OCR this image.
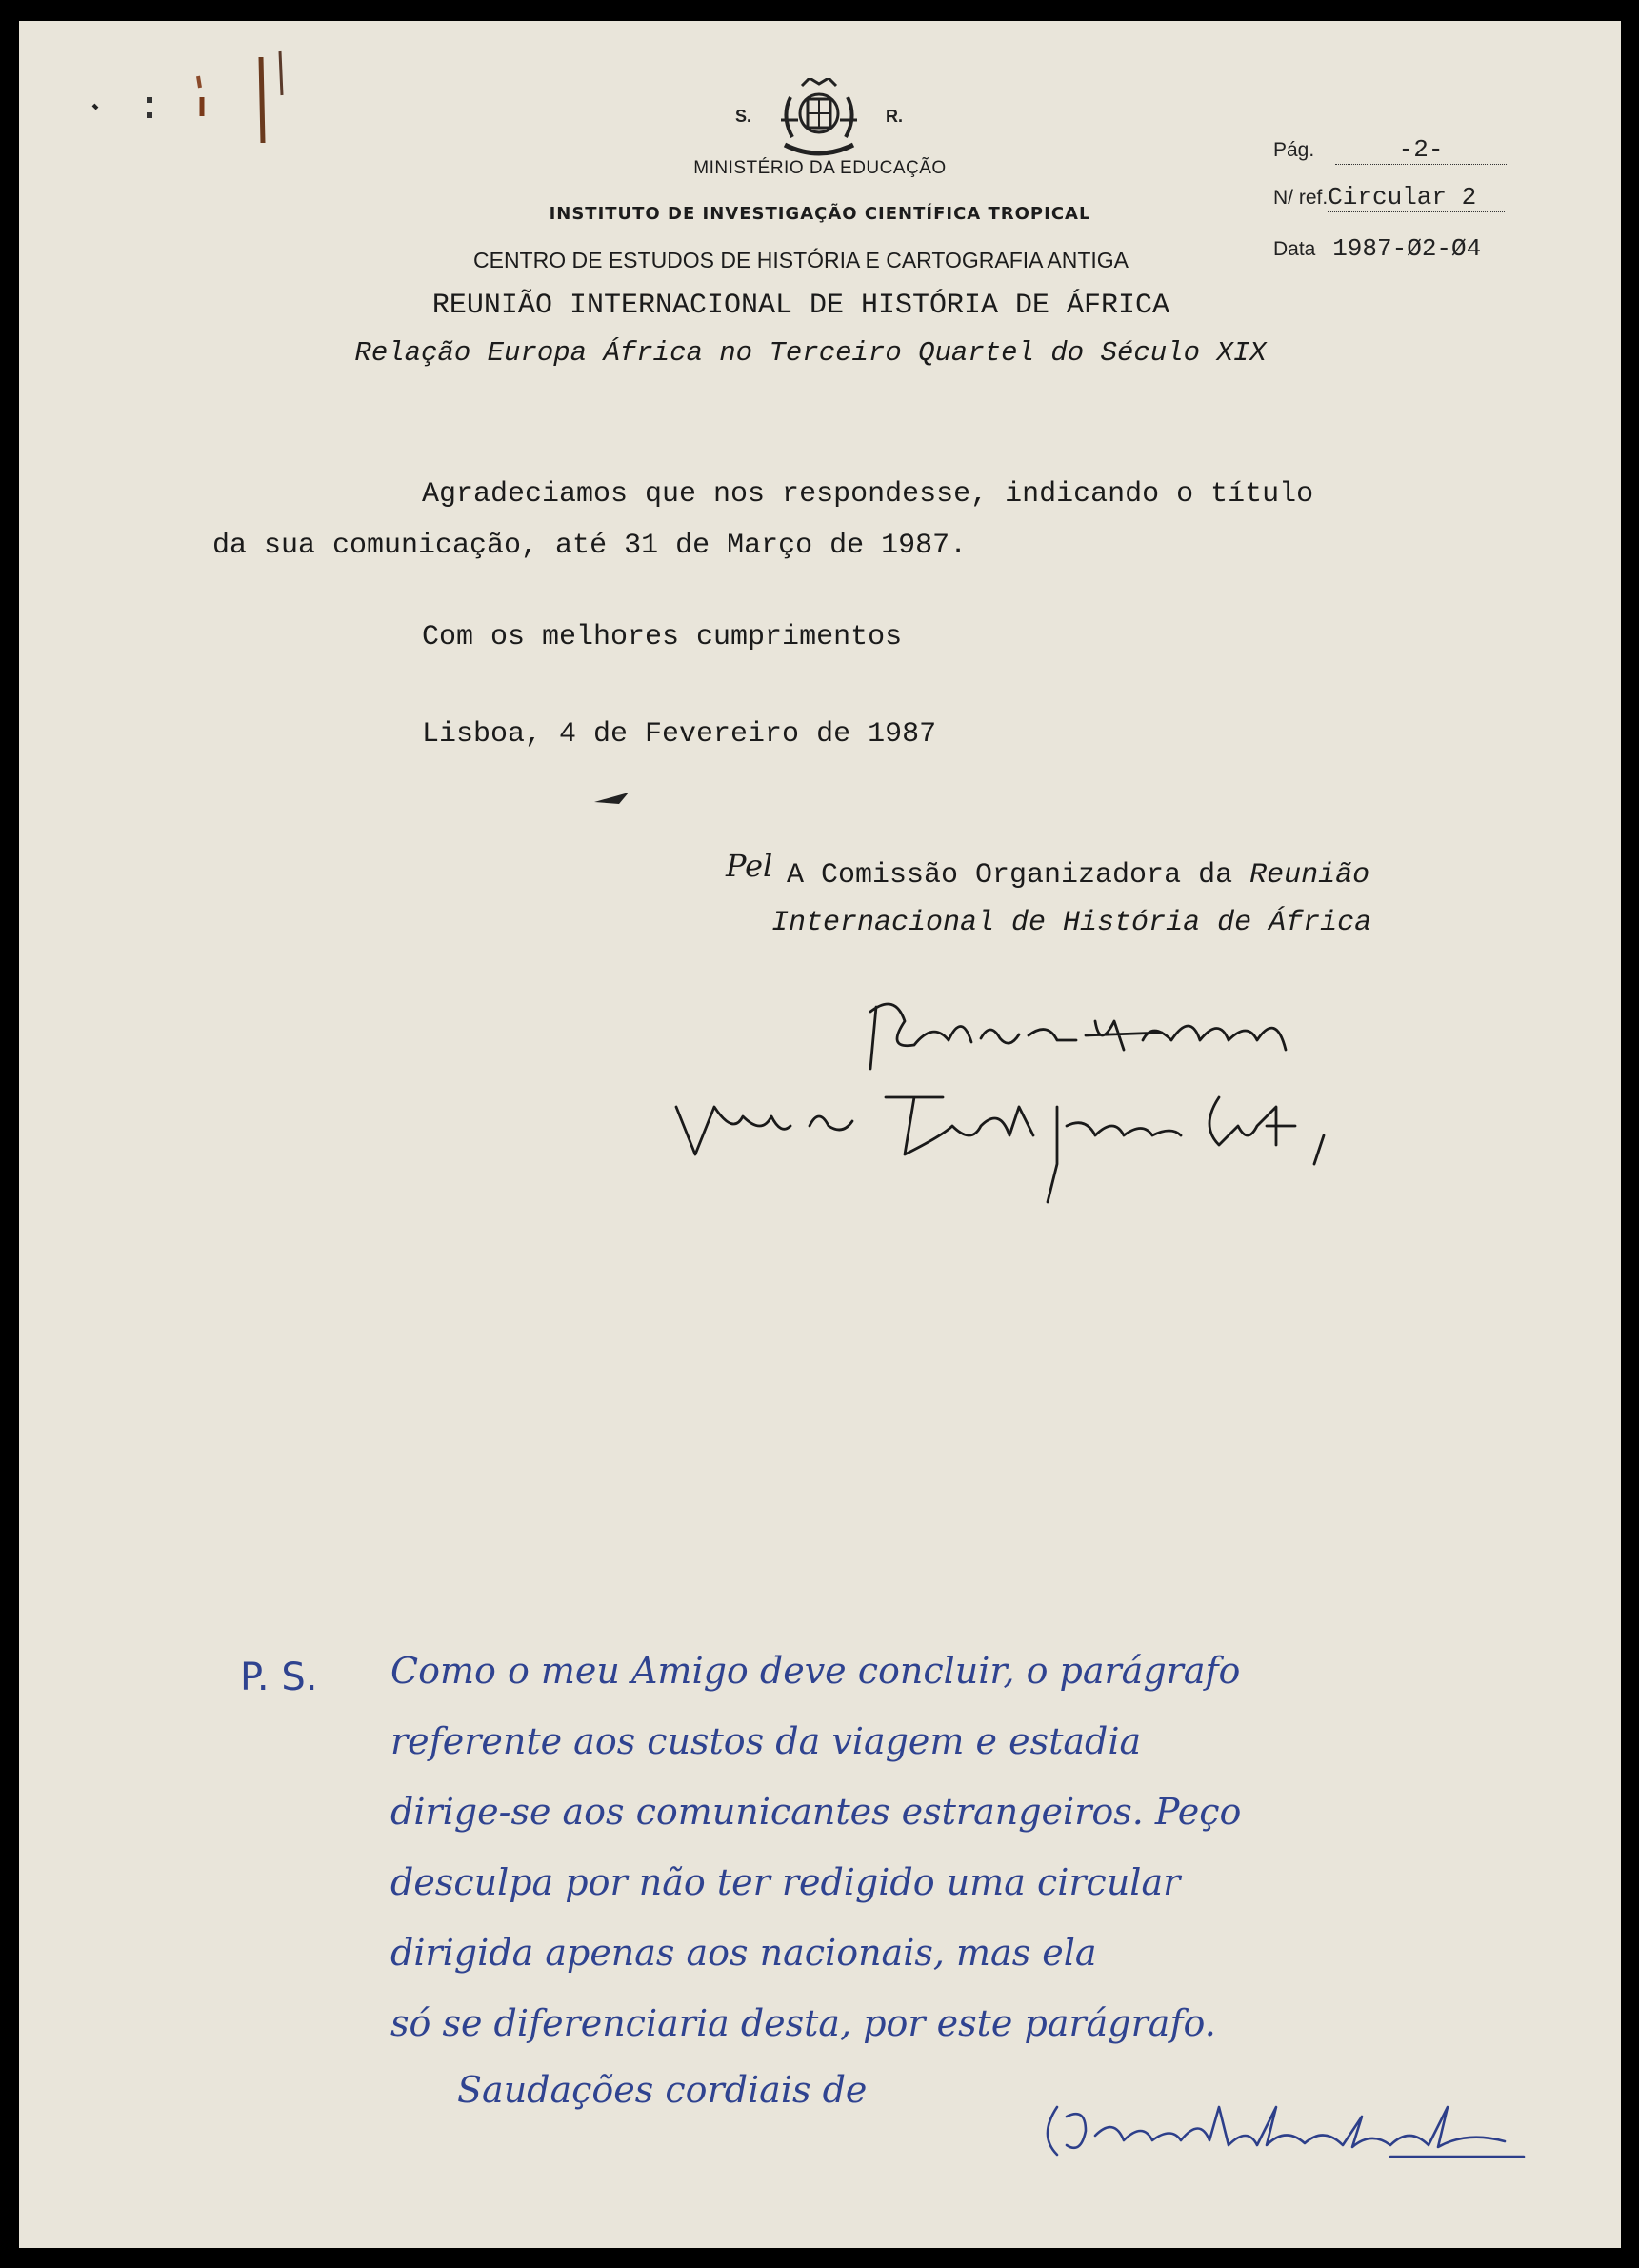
S.	R.
MINISTÉRIO DA EDUCAÇÃO
INSTITUTO DE INVESTIGAÇÃO CIENTÍFICA TROPICAL
CENTRO DE ESTUDOS DE HISTÓRIA E CARTOGRAFIA ANTIGA
REUNIÃO INTERNACIONAL DE HISTÓRIA DE ÁFRICA
Relação Europa África no Terceiro Quartel do Século XIX
Pág.	-2-
N/ ref.Circular 2
Data 1987-Ø2-Ø4
Agradeciamos que nos respondesse, indicando o título
da sua comunicação, até 31 de Março de 1987.
Com os melhores cumprimentos
Lisboa, 4 de Fevereiro de 1987
Pel A Comissão Organizadora da Reunião
Internacional de História de África
P. S. Como o meu Amigo deve concluir, o parágrafo
referente aos custos da viagem e estadia
dirige-se aos comunicantes estrangeiros. Peço
desculpa por não ter redigido uma circular
dirigida apenas aos nacionais, mas ela
só se diferenciaria desta, por este parágrafo.
Saudações cordiais de
